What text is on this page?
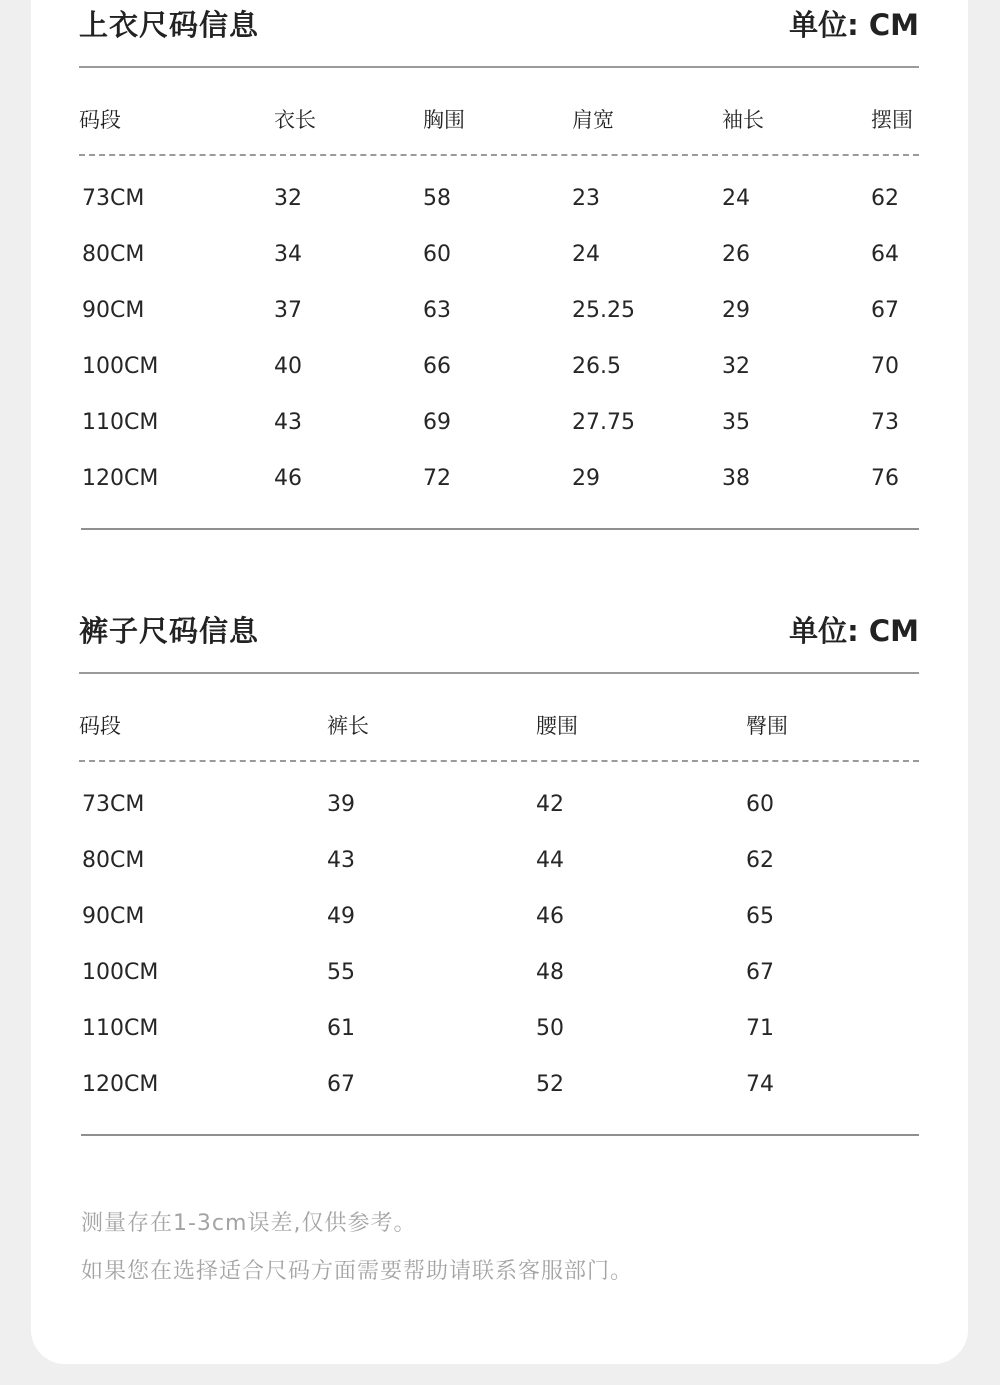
上衣尺码信息	单位: CM
码段	衣长	胸围	肩宽	袖长	摆围
73CM	32	58	23	24	62
80CM	34	60	24	26	64
90CM	37	63	25.25	29	67
100CM	40	66	26.5	32	70
110CM	43	69	27.75	35	73
120CM	46	72	29	38	76
裤子尺码信息	单位: CM
码段	裤长	腰围	臀围
73CM	39	42	60
80CM	43	44	62
90CM	49	46	65
100CM	55	48	67
110CM	61	50	71
120CM	67	52	74
测量存在1-3cm误差,仅供参考。
如果您在选择适合尺码方面需要帮助请联系客服部门。
